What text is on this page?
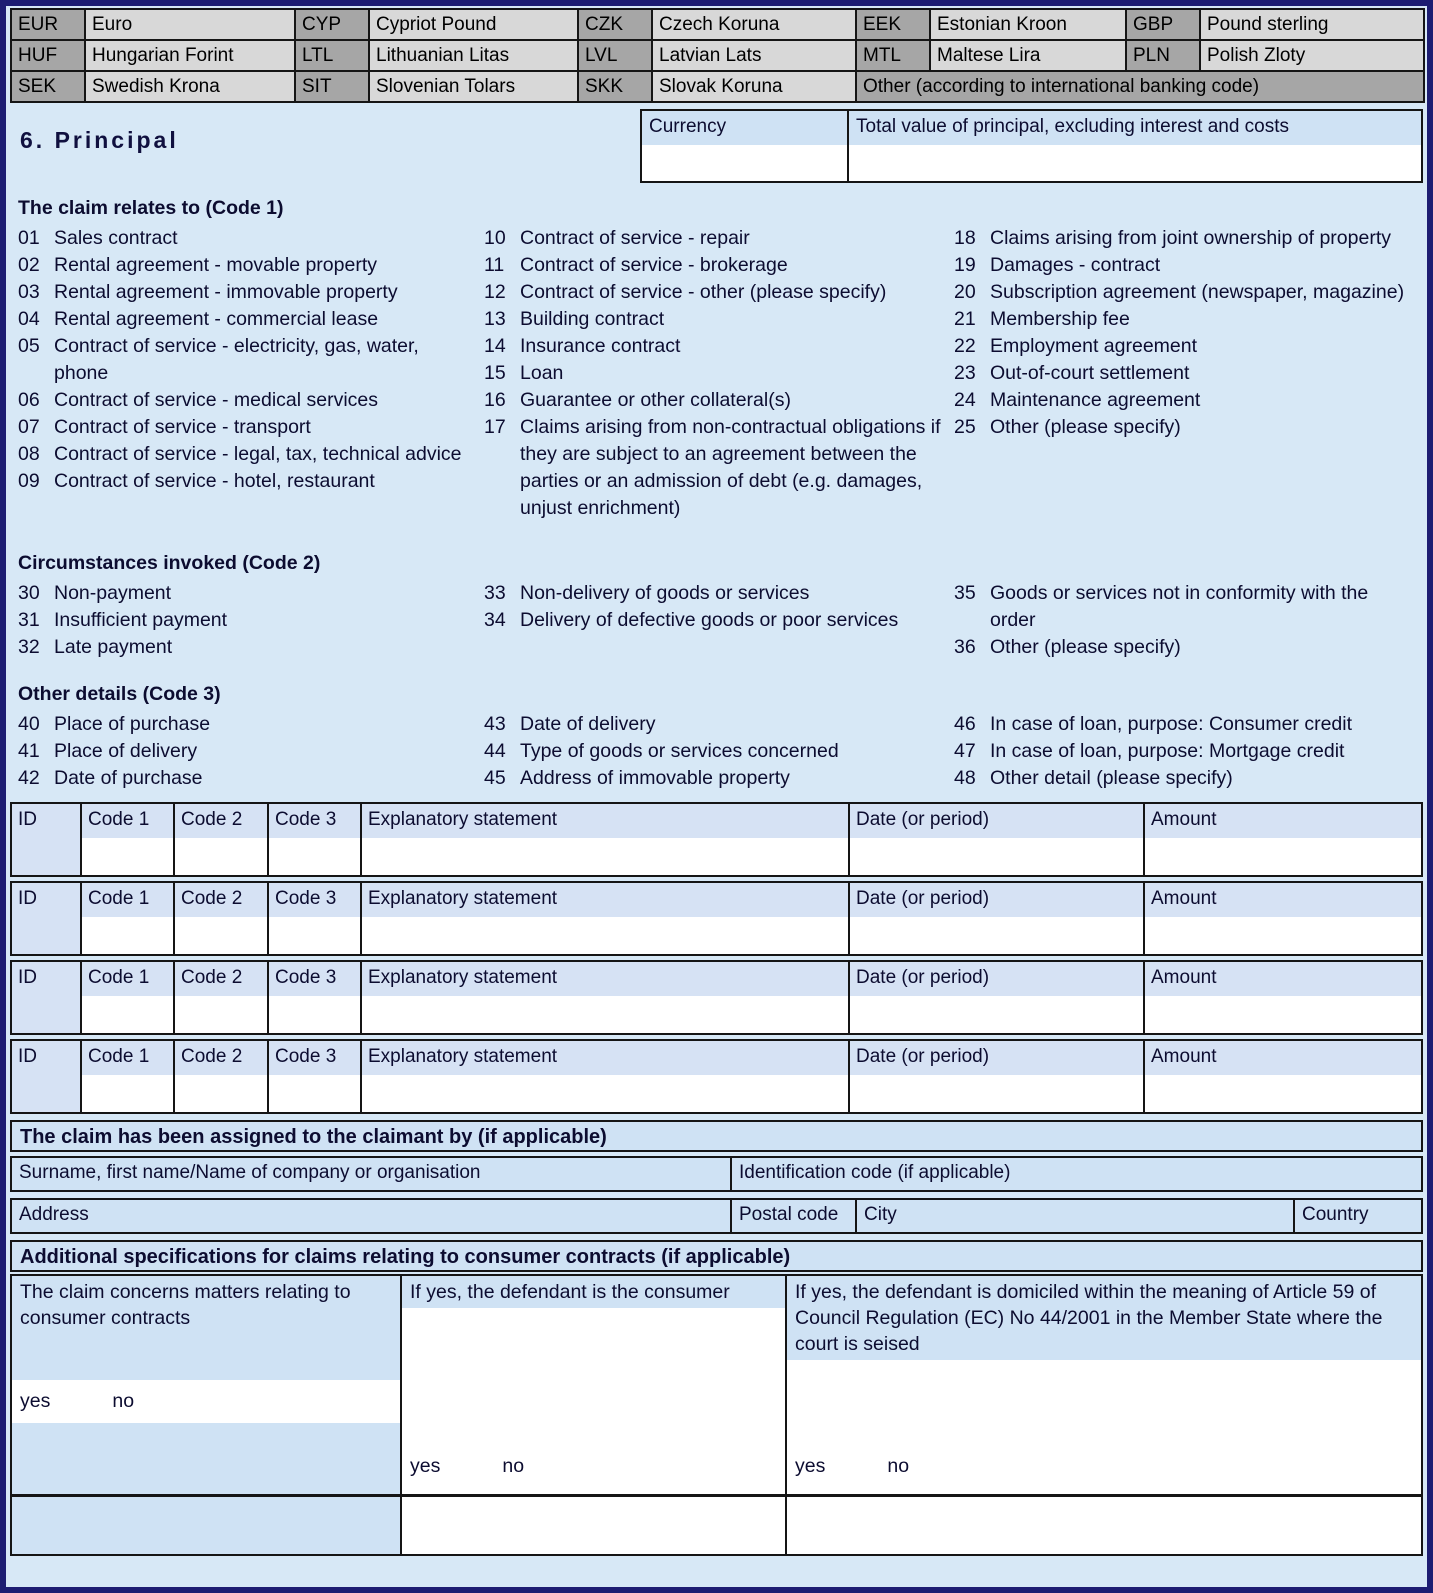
EUR	Euro	CYP	Cypriot Pound	CZK	Czech Koruna	EEK	Estonian Kroon	GBP	Pound sterling
HUF	Hungarian Forint	LTL	Lithuanian Litas	LVL	Latvian Lats	MTL	Maltese Lira	PLN	Polish Zloty
SEK	Swedish Krona	SIT	Slovenian Tolars	SKK	Slovak Koruna	Other (according to international banking code)
6. Principal
Currency	Total value of principal, excluding interest and costs
The claim relates to (Code 1)
01 Sales contract
02 Rental agreement - movable property
03 Rental agreement - immovable property
04 Rental agreement - commercial lease
05 Contract of service - electricity, gas, water, phone
06 Contract of service - medical services
07 Contract of service - transport
08 Contract of service - legal, tax, technical advice
09 Contract of service - hotel, restaurant
10 Contract of service - repair
11 Contract of service - brokerage
12 Contract of service - other (please specify)
13 Building contract
14 Insurance contract
15 Loan
16 Guarantee or other collateral(s)
17 Claims arising from non-contractual obligations if they are subject to an agreement between the parties or an admission of debt (e.g. damages, unjust enrichment)
18 Claims arising from joint ownership of property
19 Damages - contract
20 Subscription agreement (newspaper, magazine)
21 Membership fee
22 Employment agreement
23 Out-of-court settlement
24 Maintenance agreement
25 Other (please specify)
Circumstances invoked (Code 2)
30 Non-payment
31 Insufficient payment
32 Late payment
33 Non-delivery of goods or services
34 Delivery of defective goods or poor services
35 Goods or services not in conformity with the order
36 Other (please specify)
Other details (Code 3)
40 Place of purchase
41 Place of delivery
42 Date of purchase
43 Date of delivery
44 Type of goods or services concerned
45 Address of immovable property
46 In case of loan, purpose: Consumer credit
47 In case of loan, purpose: Mortgage credit
48 Other detail (please specify)
ID	Code 1	Code 2	Code 3	Explanatory statement	Date (or period)	Amount
ID	Code 1	Code 2	Code 3	Explanatory statement	Date (or period)	Amount
ID	Code 1	Code 2	Code 3	Explanatory statement	Date (or period)	Amount
ID	Code 1	Code 2	Code 3	Explanatory statement	Date (or period)	Amount
The claim has been assigned to the claimant by (if applicable)
Surname, first name/Name of company or organisation	Identification code (if applicable)
Address	Postal code	City	Country
Additional specifications for claims relating to consumer contracts (if applicable)
The claim concerns matters relating to consumer contracts
yes	no
If yes, the defendant is the consumer
yes	no
If yes, the defendant is domiciled within the meaning of Article 59 of Council Regulation (EC) No 44/2001 in the Member State where the court is seised
yes	no
